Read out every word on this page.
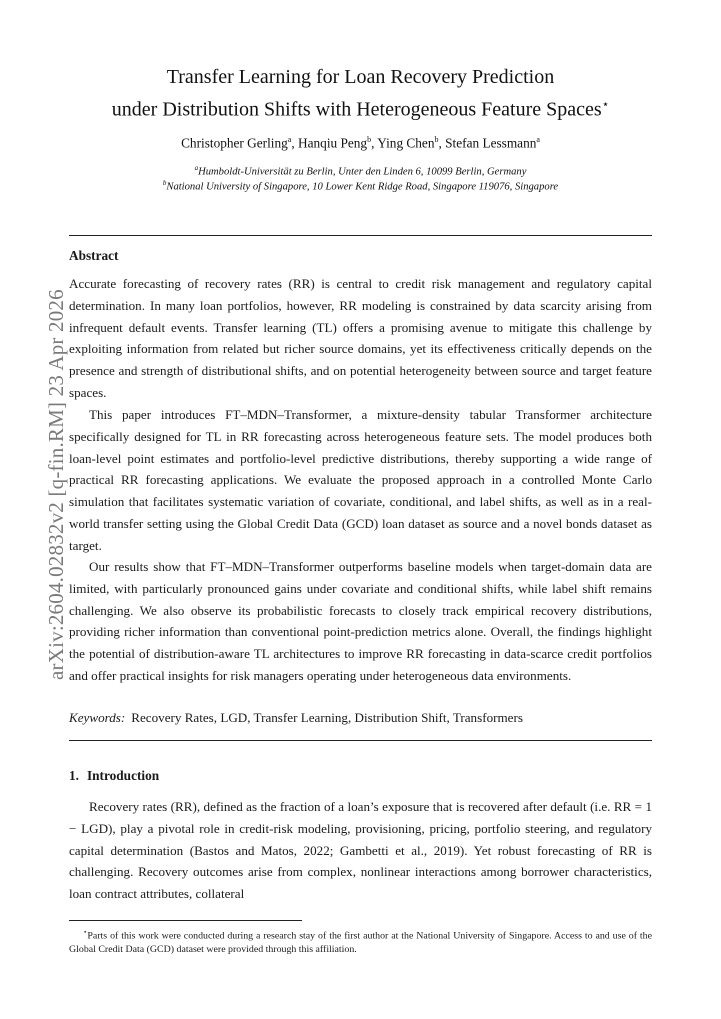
arXiv:2604.02832v2 [q-fin.RM] 23 Apr 2026
Transfer Learning for Loan Recovery Prediction
under Distribution Shifts with Heterogeneous Feature Spaces⋆
Christopher Gerling$^a$, Hanqiu Peng$^b$, Ying Chen$^b$, Stefan Lessmann$^a$
$^a$Humboldt-Universität zu Berlin, Unter den Linden 6, 10099 Berlin, Germany
$^b$National University of Singapore, 10 Lower Kent Ridge Road, Singapore 119076, Singapore
Abstract
Accurate forecasting of recovery rates (RR) is central to credit risk management and regulatory capital determination. In many loan portfolios, however, RR modeling is constrained by data scarcity arising from infrequent default events. Transfer learning (TL) offers a promising avenue to mitigate this challenge by exploiting information from related but richer source domains, yet its effectiveness critically depends on the presence and strength of distributional shifts, and on potential heterogeneity between source and target feature spaces.
This paper introduces FT–MDN–Transformer, a mixture-density tabular Transformer architecture specifically designed for TL in RR forecasting across heterogeneous feature sets. The model produces both loan-level point estimates and portfolio-level predictive distributions, thereby supporting a wide range of practical RR forecasting applications. We evaluate the proposed approach in a controlled Monte Carlo simulation that facilitates systematic variation of covariate, conditional, and label shifts, as well as in a real-world transfer setting using the Global Credit Data (GCD) loan dataset as source and a novel bonds dataset as target.
Our results show that FT–MDN–Transformer outperforms baseline models when target-domain data are limited, with particularly pronounced gains under covariate and conditional shifts, while label shift remains challenging. We also observe its probabilistic forecasts to closely track empirical recovery distributions, providing richer information than conventional point-prediction metrics alone. Overall, the findings highlight the potential of distribution-aware TL architectures to improve RR forecasting in data-scarce credit portfolios and offer practical insights for risk managers operating under heterogeneous data environments.
Keywords: Recovery Rates, LGD, Transfer Learning, Distribution Shift, Transformers
1. Introduction
Recovery rates (RR), defined as the fraction of a loan’s exposure that is recovered after default (i.e. RR = 1 − LGD), play a pivotal role in credit-risk modeling, provisioning, pricing, portfolio steering, and regulatory capital determination (Bastos and Matos, 2022; Gambetti et al., 2019). Yet robust forecasting of RR is challenging. Recovery outcomes arise from complex, nonlinear interactions among borrower characteristics, loan contract attributes, collateral
⋆Parts of this work were conducted during a research stay of the first author at the National University of Singapore. Access to and use of the Global Credit Data (GCD) dataset were provided through this affiliation.
